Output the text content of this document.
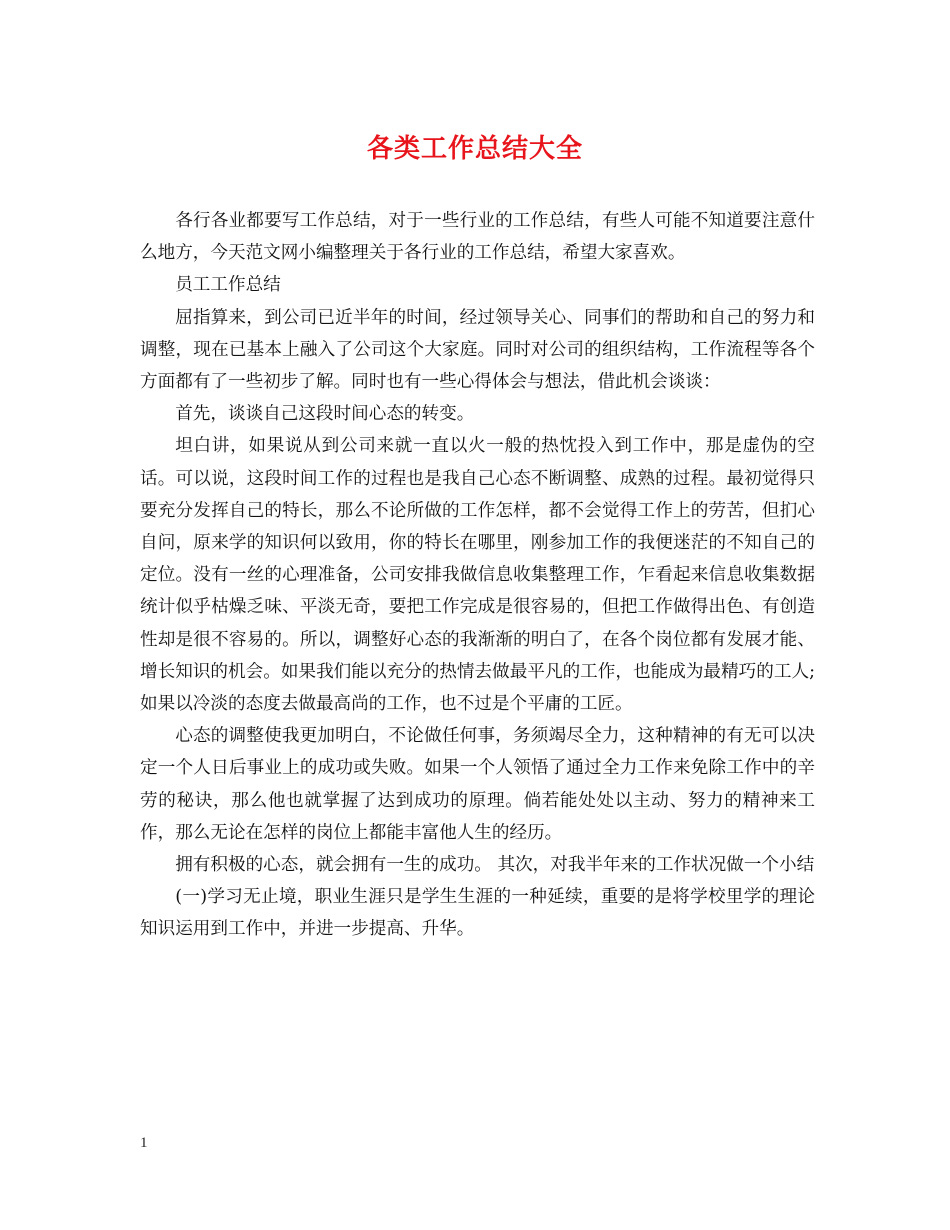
各类工作总结大全

各行各业都要写工作总结，对于一些行业的工作总结，有些人可能不知道要注意什么地方，今天范文网小编整理关于各行业的工作总结，希望大家喜欢。

员工工作总结

屈指算来，到公司已近半年的时间，经过领导关心、同事们的帮助和自己的努力和调整，现在已基本上融入了公司这个大家庭。同时对公司的组织结构，工作流程等各个方面都有了一些初步了解。同时也有一些心得体会与想法，借此机会谈谈：

首先，谈谈自己这段时间心态的转变。

坦白讲，如果说从到公司来就一直以火一般的热忱投入到工作中，那是虚伪的空话。可以说，这段时间工作的过程也是我自己心态不断调整、成熟的过程。最初觉得只要充分发挥自己的特长，那么不论所做的工作怎样，都不会觉得工作上的劳苦，但扪心自问，原来学的知识何以致用，你的特长在哪里，刚参加工作的我便迷茫的不知自己的定位。没有一丝的心理准备，公司安排我做信息收集整理工作，乍看起来信息收集数据统计似乎枯燥乏味、平淡无奇，要把工作完成是很容易的，但把工作做得出色、有创造性却是很不容易的。所以，调整好心态的我渐渐的明白了，在各个岗位都有发展才能、增长知识的机会。如果我们能以充分的热情去做最平凡的工作，也能成为最精巧的工人;如果以冷淡的态度去做最高尚的工作，也不过是个平庸的工匠。

心态的调整使我更加明白，不论做任何事，务须竭尽全力，这种精神的有无可以决定一个人日后事业上的成功或失败。如果一个人领悟了通过全力工作来免除工作中的辛劳的秘诀，那么他也就掌握了达到成功的原理。倘若能处处以主动、努力的精神来工作，那么无论在怎样的岗位上都能丰富他人生的经历。

拥有积极的心态，就会拥有一生的成功。 其次，对我半年来的工作状况做一个小结

(一)学习无止境，职业生涯只是学生生涯的一种延续，重要的是将学校里学的理论知识运用到工作中，并进一步提高、升华。

1
